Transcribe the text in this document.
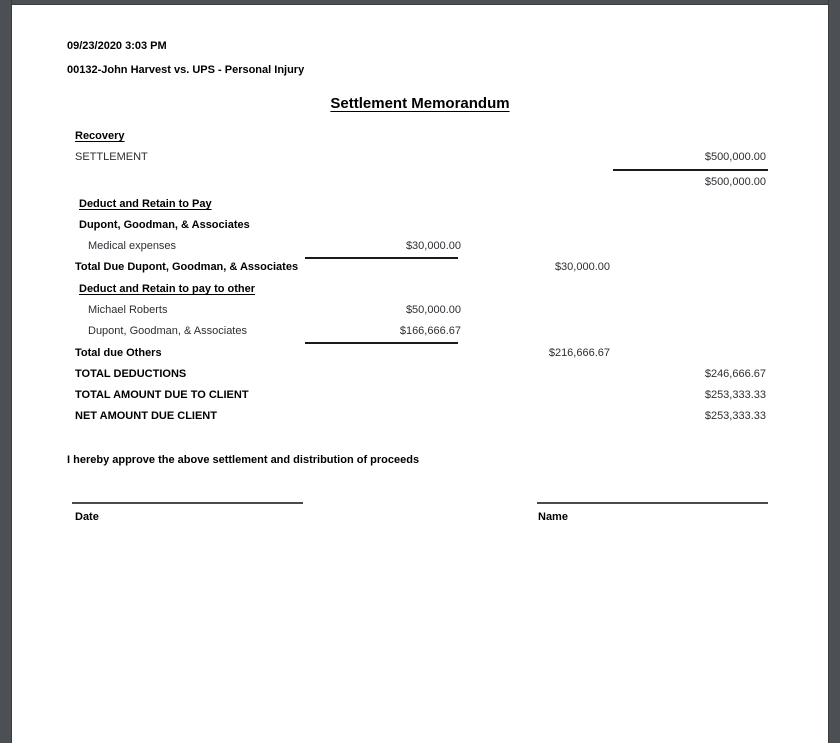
09/23/2020 3:03 PM
00132-John Harvest vs. UPS - Personal Injury
Settlement Memorandum
Recovery
SETTLEMENT	$500,000.00
$500,000.00
Deduct and Retain to Pay
Dupont, Goodman, & Associates
Medical expenses	$30,000.00
Total Due Dupont, Goodman, & Associates	$30,000.00
Deduct and Retain to pay to other
Michael Roberts	$50,000.00
Dupont, Goodman, & Associates	$166,666.67
Total due Others	$216,666.67
TOTAL DEDUCTIONS	$246,666.67
TOTAL AMOUNT DUE TO CLIENT	$253,333.33
NET AMOUNT DUE CLIENT	$253,333.33
I hereby approve the above settlement and distribution of proceeds
Date	Name
